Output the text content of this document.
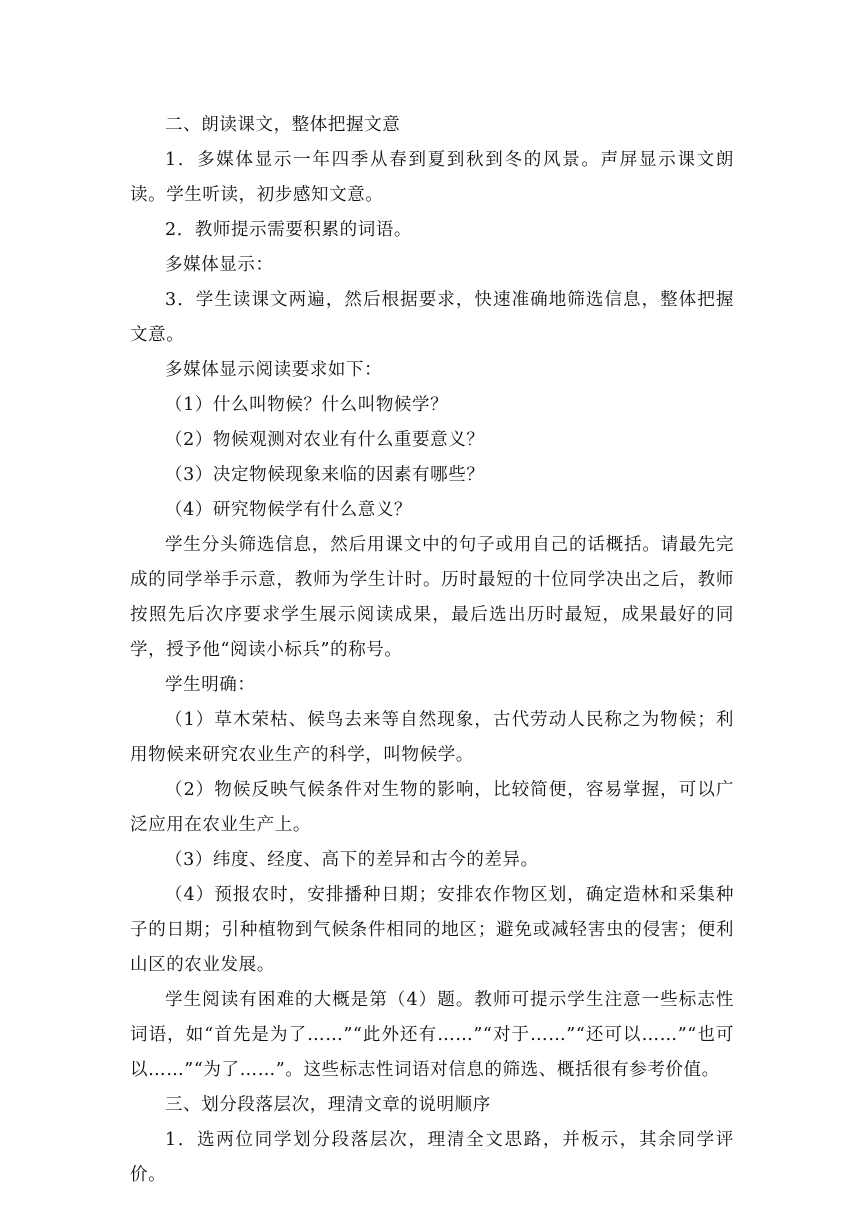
二、朗读课文，整体把握文意

1．多媒体显示一年四季从春到夏到秋到冬的风景。声屏显示课文朗读。学生听读，初步感知文意。

2．教师提示需要积累的词语。

多媒体显示：

3．学生读课文两遍，然后根据要求，快速准确地筛选信息，整体把握文意。

多媒体显示阅读要求如下：

（1）什么叫物候？什么叫物候学？

（2）物候观测对农业有什么重要意义？

（3）决定物候现象来临的因素有哪些？

（4）研究物候学有什么意义？

学生分头筛选信息，然后用课文中的句子或用自己的话概括。请最先完成的同学举手示意，教师为学生计时。历时最短的十位同学决出之后，教师按照先后次序要求学生展示阅读成果，最后选出历时最短，成果最好的同学，授予他“阅读小标兵”的称号。

学生明确：

（1）草木荣枯、候鸟去来等自然现象，古代劳动人民称之为物候；利用物候来研究农业生产的科学，叫物候学。

（2）物候反映气候条件对生物的影响，比较简便，容易掌握，可以广泛应用在农业生产上。

（3）纬度、经度、高下的差异和古今的差异。

（4）预报农时，安排播种日期；安排农作物区划，确定造林和采集种子的日期；引种植物到气候条件相同的地区；避免或减轻害虫的侵害；便利山区的农业发展。

学生阅读有困难的大概是第（4）题。教师可提示学生注意一些标志性词语，如“首先是为了……”“此外还有……”“对于……”“还可以……”“也可以……”“为了……”。这些标志性词语对信息的筛选、概括很有参考价值。

三、划分段落层次，理清文章的说明顺序

1．选两位同学划分段落层次，理清全文思路，并板示，其余同学评价。
